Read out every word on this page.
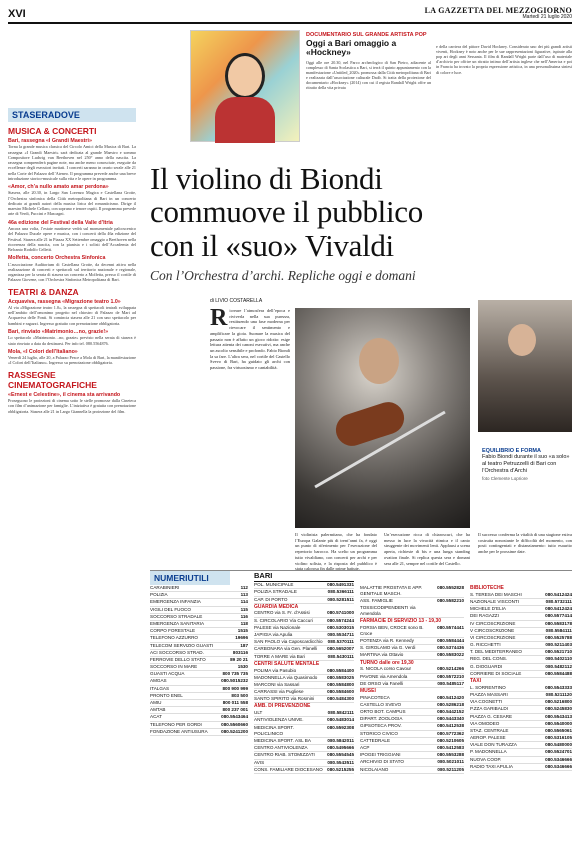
XVI	LA GAZZETTA DEL MEZZOGIORNO
Martedì 21 luglio 2020
STASERADOVE
MUSICA & CONCERTI
Bari, rassegna «I Grandi Maestri»
Torna la grande musica classica del Circolo Amici della Musica di Bari. La rassegna «I Grandi Maestri» sarà dedicata al grande Maestro e sommo Compositore Ludwig van Beethoven nel 250° anno della nascita. La rassegna comprenderà pagine note, ma anche meno conosciute, eseguite da eccellenze degli esecutori invitati. I concerti saranno in orario serale alle 21 nella Corte del Palazzo dell’Ateneo. Il programma prevede anche una breve introduzione storico-musicale sulla vita e le opere in programma.
«Amor, ch’a nullo amato amar perdona»
Stasera, alle 20.30, in Largo San Lorenzo Magica e Castellana Grotte, l’Orchestra sinfonica della Città metropolitana di Bari in un concerto dedicato ai grandi autori della musica lirica del romanticismo. Dirige il maestro Michele Cellaro, con soprano e tenore ospiti. Il programma prevede arie di Verdi, Puccini e Mascagni.
46a edizione del Festival della Valle d’Itria
Ancora una volta, l’estate martinese vedrà sul monumentale palcoscenico del Palazzo Ducale opere e musica, con i concerti della 46a edizione del Festival. Stasera alle 21 in Piazza XX Settembre omaggio a Beethoven nella ricorrenza della nascita, con la pianista e i solisti dell’Accademia del Belcanto Rodolfo Celletti.
Molfetta, concerto Orchestra Sinfonica
L’associazione Auditorium di Castellana Grotte, da decenni attiva nella realizzazione di concerti e spettacoli sul territorio nazionale e regionale, organizza per la serata di stasera un concerto a Molfetta, presso il cortile di Palazzo Giovene, con l’Orchestra Sinfonica Metropolitana di Bari.
TEATRI & DANZA
Acquaviva, rassegna «Migrazione teatro 1.0»
Al via «Migrazione teatro 1.0», la rassegna di spettacoli teatrali sviluppata nell’ambito dell’omonimo progetto nel chiostro di Palazzo de Mari ad Acquaviva delle Fonti. Si comincia stasera alle 21 con uno spettacolo per bambini e ragazzi. Ingresso gratuito con prenotazione obbligatoria.
Bari, rinviato «Matrimonio…no, grazie!»
Lo spettacolo «Matrimonio…no, grazie» previsto nella serata di stasera è stato rinviato a data da destinarsi. Per info tel. 080.5564876.
Mola, «I Colori dell’Italiano»
Venerdì 24 luglio, alle 20, a Palazzo Pesce a Mola di Bari, la manifestazione «I Colori dell’Italiano». Ingresso su prenotazione obbligatoria.
RASSEGNE CINEMATOGRAFICHE
«Ernest e Celestine», il cinema sta arrivando
Proseguono le proiezioni di cinema sotto le stelle promosse dalla Cineteca con film d’animazione per famiglie. L’iniziativa è gratuita con prenotazione obbligatoria. Stasera alle 21 in Largo Giannella la proiezione del film.
DOCUMENTARIO SUL GRANDE ARTISTA POP
Oggi a Bari omaggio a «Hockney»
Oggi alle ore 20.30, nel Parco archeologico di San Pietro, adiacente al complesso di Santa Scolastica a Bari, si terrà il quinto appuntamento con la manifestazione «Untitled_2020» promossa dalla Città metropolitana di Bari e realizzata dall’associazione culturale Dadò. Si tratta della proiezione del documentario «Hockney» (2014) con cui il regista Randall Wright offre un ritratto della vita privata
e della carriera del pittore David Hockney. Considerato uno dei più grandi artisti viventi, Hockney è noto anche per le sue rappresentazioni figurative, ispirate alla pop art degli anni Sessanta. Il film di Randall Wright parte dall’uso di materiale d’archivio per offrire un ritratto intimo dell’artista inglese che nell’America e poi in Francia ha trovato la propria espressione artistica, in una personalissima sintesi di colore e luce.
Il violino di Biondi
commuove il pubblico
con il «suo» Vivaldi
Con l’Orchestra d’archi. Repliche oggi e domani
di LIVIO COSTARELLA
Ricreare l’atmosfera dell’epoca e riviverla nella sua purezza, restituendo una fase moderna per rievocare il sentimento e amplificare la gioia. Suonare la musica del passato non è affatto un gioco ridotto: esige lettura attenta dei canoni esecutivi, ma anche un ascolto sensibile e profondo. Fabio Biondi la sa fare. L’altra sera, nel cortile del Castello Svevo di Bari, ha guidato gli archi con passione, fra virtuosismo e cantabilità.
Il violinista palermitano, che ha fondato l’Europa Galante più di trent’anni fa, è oggi un punto di riferimento per l’esecuzione del repertorio barocco. Ha scelto un programma tutto vivaldiano, con concerti per archi e per violino solista, e la risposta del pubblico è stata calorosa fin dalle prime battute.
Un’esecuzione ricca di chiaroscuri, che ha messo in luce la vivacità ritmica e il canto struggente dei movimenti lenti. Applausi a scena aperta, richieste di bis e una lunga standing ovation finale. Si replica questa sera e domani sera alle 21, sempre nel cortile del Castello.
Il successo conferma la vitalità di una stagione estiva costruita nonostante le difficoltà del momento, con posti contingentati e distanziamento: tutto esaurito anche per le prossime date.
EQUILIBRIO E FORMA
Fabio Biondi durante il suo «a solo» al teatro Petruzzelli di Bari con l’Orchestra d’Archi
foto Clemente Lopriore
NUMERIUTILI
CARABINIERI	112
POLIZIA	113
EMERGENZA INFANZIA	114
VIGILI DEL FUOCO	115
SOCCORSO STRADALE	116
EMERGENZA SANITARIA	118
CORPO FORESTALE	1515
TELEFONO AZZURRO	19696
TELECOM SERVIZIO GUASTI	187
ACI SOCCORSO STRAD.	803116
FERROVIE DELLO STATO	89 20 21
SOCCORSO IN MARE	1530
GUASTI ACQUA	800 735 735
AMGAS	080.5015232
ITALGAS	800 900 999
PRONTO ENEL	803 500
AMIU	800 011 558
AMTAB	800 237 001
ACAT	080.5543464
TELEFONO PER GORDI	080.5560660
FONDAZIONE ANTIUSURA	080.5241200
BARI
POL. MUNICIPALE	080.5491331
POLIZIA STRADALE	080.5366111
CAP. DI PORTO	080.5281511
GUARDIA MEDICA
CENTRO via S. Fr. d’Assisi	080.5741000
S. CIRCOLARIO Via Caccuri	080.5574244
PALESE via Nazionale	080.5303015
JAPIGIA via Apulia	080.5534711
SAN PAOLO via Caposcardicchio 080.5370111
CARBONARA via Gen. Planelli 080.5652007
TORRE A MARE via Bari	080.5430111
CENTRI SALUTE MENTALE
POLIMA via Pasubio	080.5584400
MADONNELLA via Quasimodo 080.5583025
MARCONI via Sassari	080.5584800
CARRASSI via Pugliese	080.5584600
SANTO SPIRITO via Rosmini	080.5484300
AMB. DI PREVENZIONE
ULT	080.5842111
ANTIVIOLENZA UNIVE.	080.5483014
MEDICINA SPORT. POLICLINICO
080.5592308
MEDICINA SPORT. ASL BA	080.5842011
CENTRO ANTIVIOLENZA	080.5495666
CENTRO RIAB. STOMIZZATI	080.5554545
AVIS	080.5543511
CONS. FAMILIARE DIOCESANO 080.5215255
MALATTIE PROSTATA E APP. GENITALE MASCH.
080.5552828
ASS. FAMIGLIE TOSSICODIPENDENTI via Amendola
080.5582210
FARMACIE DI SERVIZIO 13 - 19,30
FORSIA BEN, CROCE sono B. Croce
080.5574441
POTENZA via R. Kennedy	080.5584444
S. GIROLAMO via G. Verdi	080.5374436
MARTINA via Ottavio	080.5583022
TURNO dalle ore 19,30
S. NICOLA corso Cavour	080.5214266
PAVONE via Amendola	080.5572210
DE ORSO via Fanelli	080.5485117
MUSEI
PINACOTECA	080.5412420
CASTELLO SVEVO	080.5286218
ORTO BOT. CAMPUS	080.5442152
DIPART. ZOOLOGIA	080.5443340
GIPSOTECA PROV.	080.5412538
STORICO CIVICO	080.5772362
CATTEDRALE	080.5210605
ACP	080.5412583
IPOGEI TRIGGIANI	080.5553288
ARCHIVIO DI STATO	080.5021011
NICOLAIANO	080.5211205
BIBLIOTECHE
S. TERESA DEI MASCHI	080.5412424
NAZIONALE VISCONTI	080.5732111
MICHELE D’ELIA	080.5412424
DEI RAGAZZI	080.5577414
IV CIRCOSCRIZIONE	080.5583178
V CIRCOSCRIZIONE	080.5584111
VI CIRCOSCRIZIONE	080.5525788
G. RICCHETTI	080.5211403
T. DEL MEDITERRANEO	080.5521710
REG. DEL CONS.	080.5402110
G. DIOGUARDI	080.5482112
CORRIERE DI SOCIALE	080.5584488
TAXI
L. SORRENTINO	080.5543333
PIAZZA MASSARI	080.5211120
VIA COGNETTI	080.5216800
P.ZZA GARIBALDI	080.5245830
PIAZZA G. CESARE	080.5543413
VIA OMODEO	080.5540000
STAZ. CENTRALE	080.5565061
AEROP. PALESE	080.5316105
VIALE DON TURAZZA	080.5480000
P. MADONNELLA	080.5524701
NUOVA COOP.	080.5346666
RADIO TAXI APULIA	080.5346666
